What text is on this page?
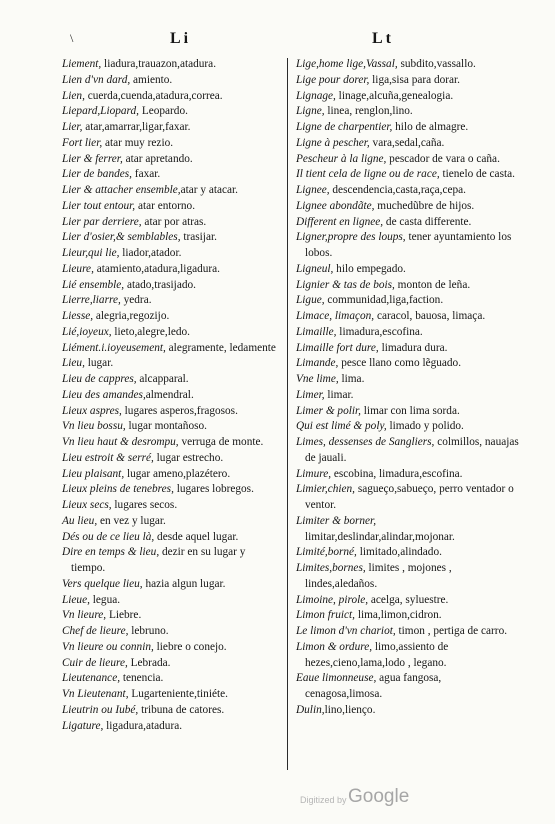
\	Li	Lt
Liement, liadura,trauazon,atadura.
Lien d'vn dard, amiento.
Lien, cuerda,cuenda,atadura,correa.
Liepard,Liopard, Leopardo.
Lier, atar,amarrar,ligar,faxar.
Fort lier, atar muy rezio.
Lier & ferrer, atar apretando.
Lier de bandes, faxar.
Lier & attacher ensemble,atar y atacar.
Lier tout entour, atar entorno.
Lier par derriere, atar por atras.
Lier d'osier,& semblables, trasijar.
Lieur,qui lie, liador,atador.
Lieure, atamiento,atadura,ligadura.
Lié ensemble, atado,trasijado.
Lierre,liarre, yedra.
Liesse, alegria,regozijo.
Lié,ioyeux, lieto,alegre,ledo.
Liément.i.ioyeusement, alegramente, ledamente
Lieu, lugar.
Lieu de cappres, alcapparal.
Lieu des amandes,almendral.
Lieux aspres, lugares asperos,fragosos.
Vn lieu bossu, lugar montañoso.
Vn lieu haut & desrompu, verruga de monte.
Lieu estroit & serré, lugar estrecho.
Lieu plaisant, lugar ameno,plazétero.
Lieux pleins de tenebres, lugares lobregos.
Lieux secs, lugares secos.
Au lieu, en vez y lugar.
Dés ou de ce lieu là, desde aquel lugar.
Dire en temps & lieu, dezir en su lugar y tiempo.
Vers quelque lieu, hazia algun lugar.
Lieue, legua.
Vn lieure, Liebre.
Chef de lieure, lebruno.
Vn lieure ou connin, liebre o conejo.
Cuir de lieure, Lebrada.
Lieutenance, tenencia.
Vn Lieutenant, Lugarteniente,tiniéte.
Lieutrin ou Iubé, tribuna de catores.
Ligature, ligadura,atadura.
Lige,home lige,Vassal, subdito,vassallo.
Lige pour dorer, liga,sisa para dorar.
Lignage, linage,alcuña,genealogia.
Ligne, linea, renglon,lino.
Ligne de charpentier, hilo de almagre.
Ligne à pescher, vara,sedal,caña.
Pescheur à la ligne, pescador de vara o caña.
Il tient cela de ligne ou de race, tienelo de casta.
Lignee, descendencia,casta,raça,cepa.
Lignee abondãte, muchedũbre de hijos.
Different en lignee, de casta differente.
Ligner,propre des loups, tener ayuntamiento los lobos.
Ligneul, hilo empegado.
Lignier & tas de bois, monton de leña.
Ligue, communidad,liga,faction.
Limace, limaçon, caracol, bauosa, limaça.
Limaille, limadura,escofina.
Limaille fort dure, limadura dura.
Limande, pesce llano como lẽguado.
Vne lime, lima.
Limer, limar.
Limer & polir, limar con lima sorda.
Qui est limé & poly, limado y polido.
Limes, dessenses de Sangliers, colmillos, nauajas de jauali.
Limure, escobina, limadura,escofina.
Limier,chien, sagueço,sabueço, perro ventador o ventor.
Limiter & borner, limitar,deslindar,alindar,mojonar.
Limité,borné, limitado,alindado.
Limites,bornes, limites , mojones , lindes,aledaños.
Limoine, pirole, acelga, syluestre.
Limon fruict, lima,limon,cidron.
Le limon d'vn chariot, timon , pertiga de carro.
Limon & ordure, limo,assiento de hezes,cieno,lama,lodo , legano.
Eaue limonneuse, agua fangosa, cenagosa,limosa.
Dulin,lino,lienço.
Digitized by Google
